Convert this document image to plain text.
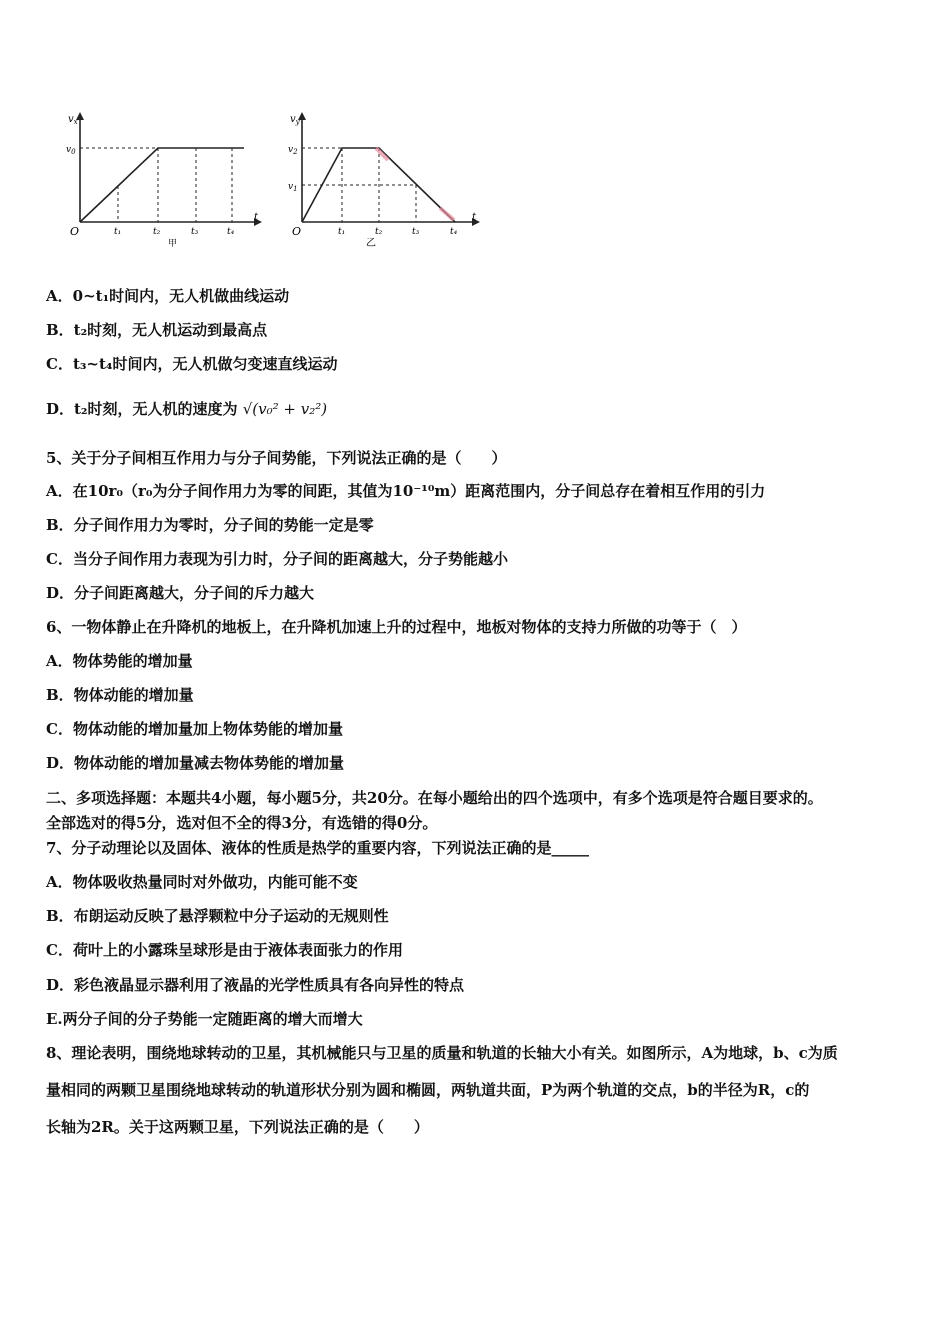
$v_x$
$v_0$
O
t
t₁	t₂	t₃	t₄
甲
$v_y$
$v_2$
$v_1$
O
t
t₁	t₂	t₃	t₄
乙
A．0~t₁时间内，无人机做曲线运动
B．t₂时刻，无人机运动到最高点
C．t₃~t₄时间内，无人机做匀变速直线运动
D．t₂时刻，无人机的速度为 √(v₀² + v₂²)
5、关于分子间相互作用力与分子间势能，下列说法正确的是（　　）
A．在10r₀（r₀为分子间作用力为零的间距，其值为10⁻¹⁰m）距离范围内，分子间总存在着相互作用的引力
B．分子间作用力为零时，分子间的势能一定是零
C．当分子间作用力表现为引力时，分子间的距离越大，分子势能越小
D．分子间距离越大，分子间的斥力越大
6、一物体静止在升降机的地板上，在升降机加速上升的过程中，地板对物体的支持力所做的功等于（　）
A．物体势能的增加量
B．物体动能的增加量
C．物体动能的增加量加上物体势能的增加量
D．物体动能的增加量减去物体势能的增加量
二、多项选择题：本题共4小题，每小题5分，共20分。在每小题给出的四个选项中，有多个选项是符合题目要求的。
全部选对的得5分，选对但不全的得3分，有选错的得0分。
7、分子动理论以及固体、液体的性质是热学的重要内容，下列说法正确的是_____
A．物体吸收热量同时对外做功，内能可能不变
B．布朗运动反映了悬浮颗粒中分子运动的无规则性
C．荷叶上的小露珠呈球形是由于液体表面张力的作用
D．彩色液晶显示器利用了液晶的光学性质具有各向异性的特点
E.两分子间的分子势能一定随距离的增大而增大
8、理论表明，围绕地球转动的卫星，其机械能只与卫星的质量和轨道的长轴大小有关。如图所示，A为地球，b、c为质
量相同的两颗卫星围绕地球转动的轨道形状分别为圆和椭圆，两轨道共面，P为两个轨道的交点，b的半径为R，c的
长轴为2R。关于这两颗卫星，下列说法正确的是（　　）
